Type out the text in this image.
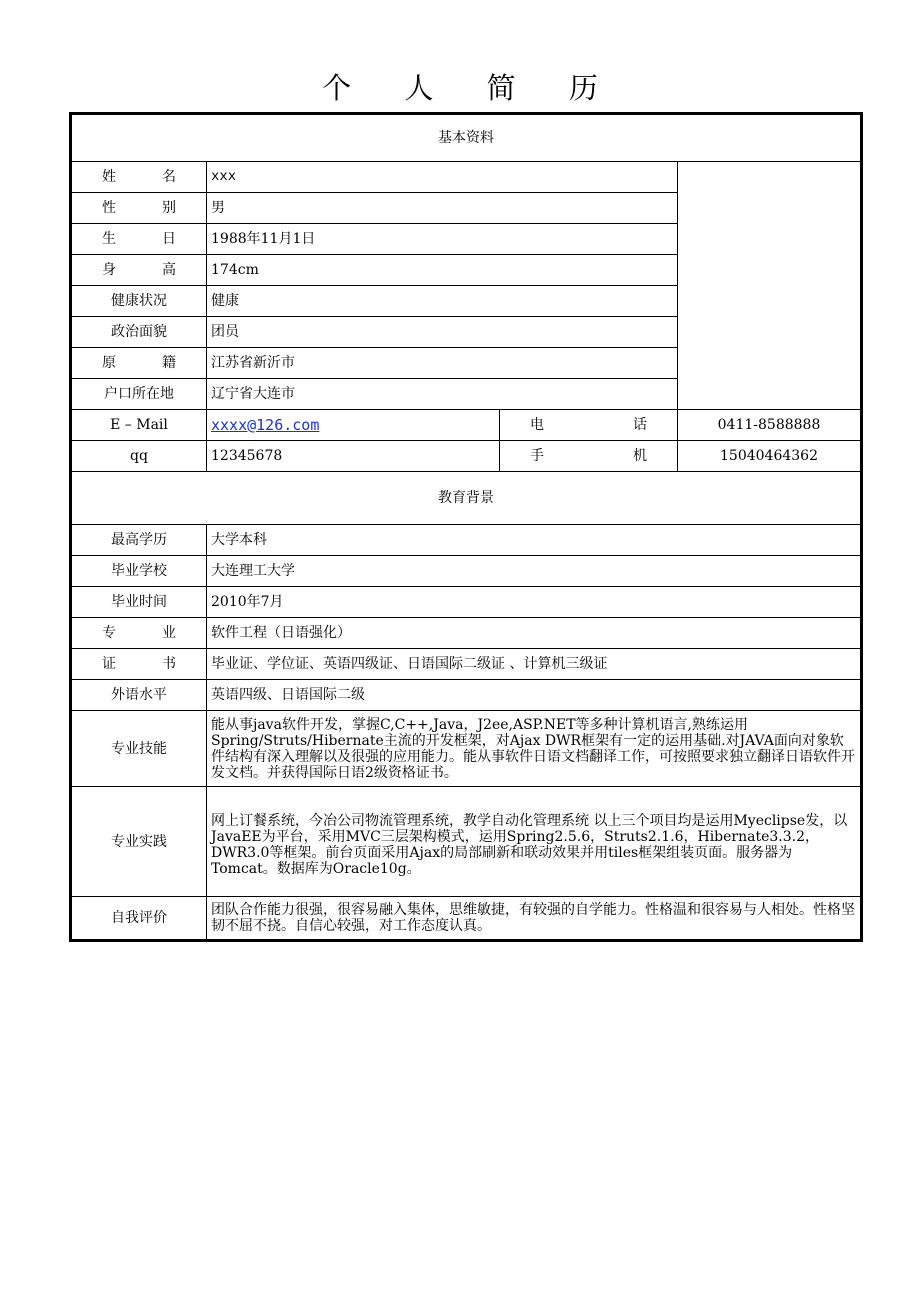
个 人 简 历
基本资料			

姓 名	xxx		

性 别	男		

生 日	1988年11月1日		

身 高	174cm		
健康状况	健康		
政治面貌	团员		

原 籍	江苏省新沂市		
户口所在地	辽宁省大连市		
E – Mail	xxxx@126.com	电 话	0411-8588888
qq	12345678	手 机	15040464362
教育背景			
最高学历	大学本科		
毕业学校	大连理工大学		
毕业时间	2010年7月		

专 业	软件工程（日语强化）		

证 书	毕业证、学位证、英语四级证、日语国际二级证 、计算机三级证		
外语水平	英语四级、日语国际二级		
专业技能	能从事java软件开发，掌握C,C++,Java，J2ee,ASP.NET等多种计算机语言,熟练运用Spring/Struts/Hibernate主流的开发框架，对Ajax DWR框架有一定的运用基础.对JAVA面向对象软件结构有深入理解以及很强的应用能力。能从事软件日语文档翻译工作，可按照要求独立翻译日语软件开发文档。并获得国际日语2级资格证书。		
专业实践	网上订餐系统，今冶公司物流管理系统，教学自动化管理系统 以上三个项目均是运用Myeclipse发，以JavaEE为平台，采用MVC三层架构模式，运用Spring2.5.6，Struts2.1.6，Hibernate3.3.2，DWR3.0等框架。前台页面采用Ajax的局部刷新和联动效果并用tiles框架组装页面。服务器为Tomcat。数据库为Oracle10g。		
自我评价	团队合作能力很强，很容易融入集体，思维敏捷，有较强的自学能力。性格温和很容易与人相处。性格坚韧不屈不挠。自信心较强，对工作态度认真。		
